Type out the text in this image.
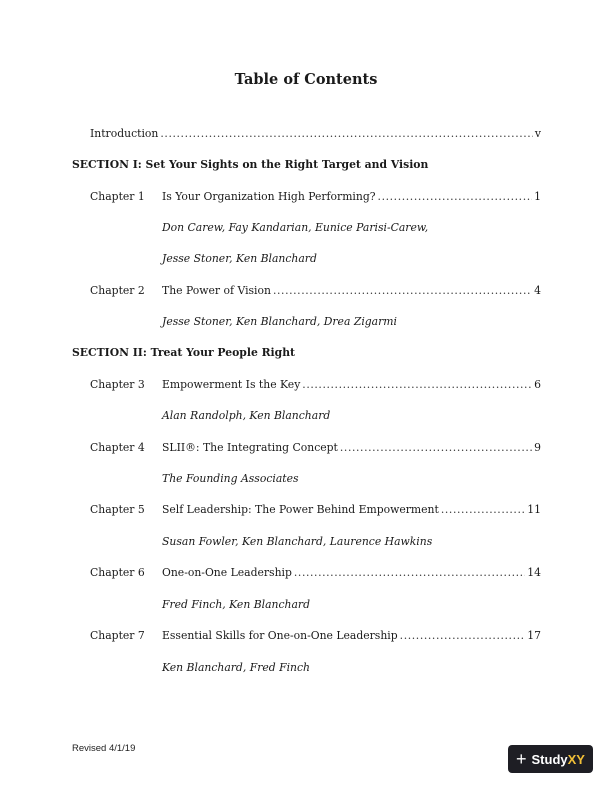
Table of Contents
Introduction .....	v
SECTION I: Set Your Sights on the Right Target and Vision
Chapter 1	Is Your Organization High Performing? .....	1
Don Carew, Fay Kandarian, Eunice Parisi-Carew,
Jesse Stoner, Ken Blanchard
Chapter 2	The Power of Vision .....	4
Jesse Stoner, Ken Blanchard, Drea Zigarmi
SECTION II: Treat Your People Right
Chapter 3	Empowerment Is the Key .....	6
Alan Randolph, Ken Blanchard
Chapter 4	SLII®: The Integrating Concept .....	9
The Founding Associates
Chapter 5	Self Leadership: The Power Behind Empowerment .....	11
Susan Fowler, Ken Blanchard, Laurence Hawkins
Chapter 6	One-on-One Leadership .....	14
Fred Finch, Ken Blanchard
Chapter 7	Essential Skills for One-on-One Leadership .....	17
Ken Blanchard, Fred Finch
Revised 4/1/19
+ StudyXY
